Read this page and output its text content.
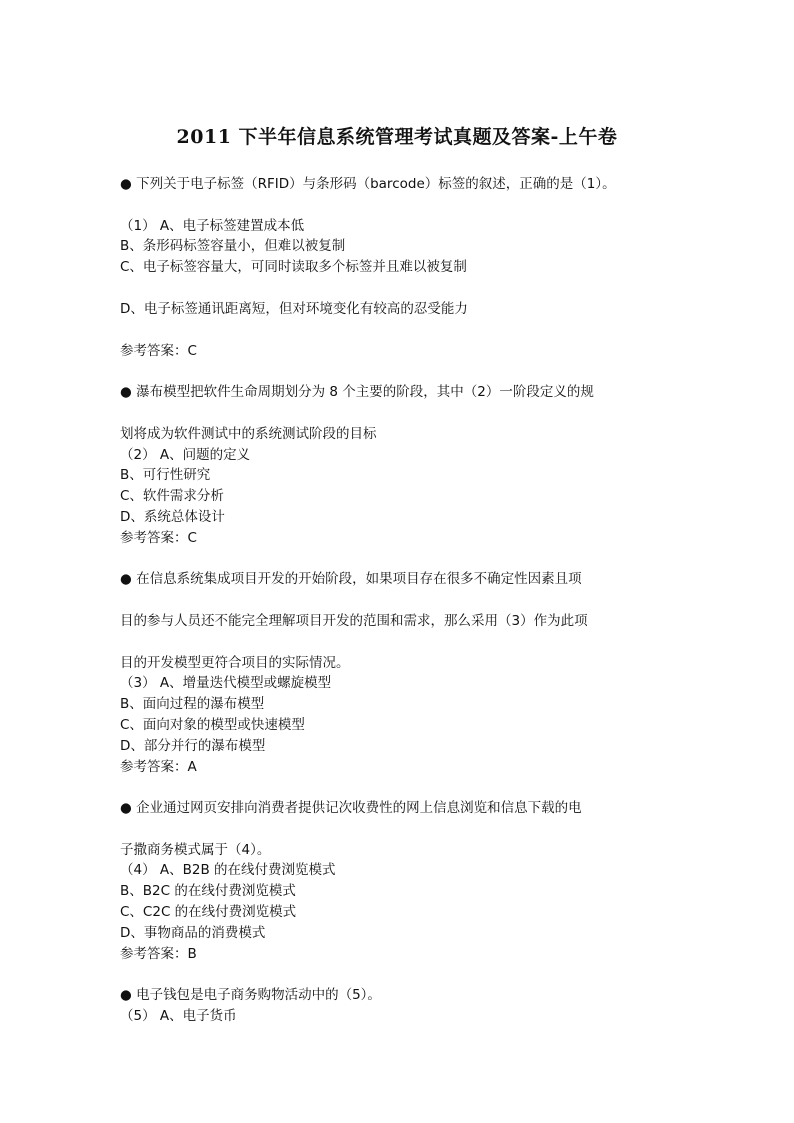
2011 下半年信息系统管理考试真题及答案-上午卷
● 下列关于电子标签（RFID）与条形码（barcode）标签的叙述，正确的是（1）。
（1） A、电子标签建置成本低
B、条形码标签容量小，但难以被复制
C、电子标签容量大，可同时读取多个标签并且难以被复制
D、电子标签通讯距离短，但对环境变化有较高的忍受能力
参考答案：C
● 瀑布模型把软件生命周期划分为 8 个主要的阶段，其中（2）一阶段定义的规
划将成为软件测试中的系统测试阶段的目标
（2） A、问题的定义
B、可行性研究
C、软件需求分析
D、系统总体设计
参考答案：C
● 在信息系统集成项目开发的开始阶段，如果项目存在很多不确定性因素且项
目的参与人员还不能完全理解项目开发的范围和需求，那么采用（3）作为此项
目的开发模型更符合项目的实际情况。
（3） A、增量迭代模型或螺旋模型
B、面向过程的瀑布模型
C、面向对象的模型或快速模型
D、部分并行的瀑布模型
参考答案：A
● 企业通过网页安排向消费者提供记次收费性的网上信息浏览和信息下载的电
子撒商务模式属于（4）。
（4） A、B2B 的在线付费浏览模式
B、B2C 的在线付费浏览模式
C、C2C 的在线付费浏览模式
D、事物商品的消费模式
参考答案：B
● 电子钱包是电子商务购物活动中的（5）。
（5） A、电子货币
